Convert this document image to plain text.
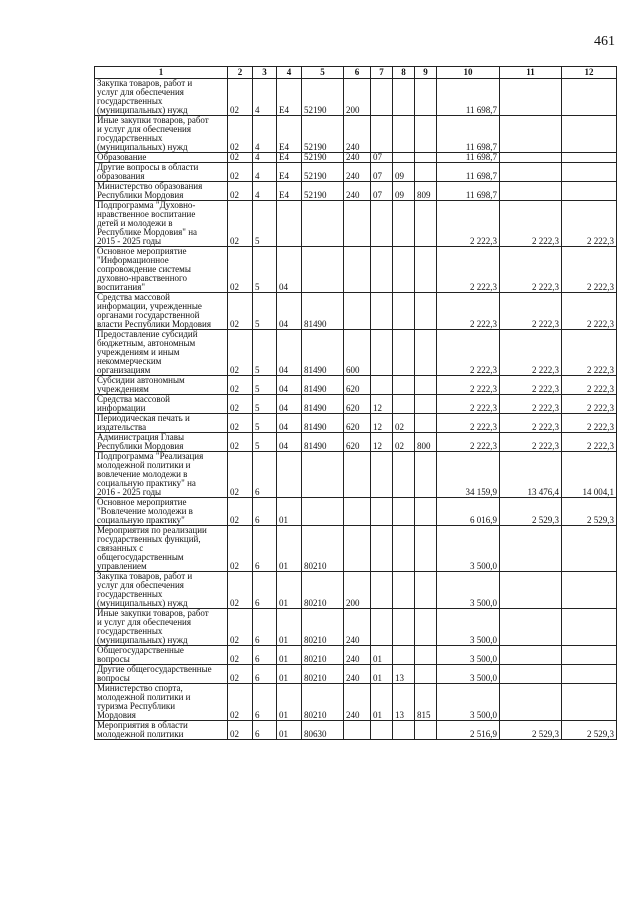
461
1	2	3	4	5	6	7	8	9	10	11	12
Закупка товаров, работ и
услуг для обеспечения
государственных
(муниципальных) нужд	02	4	Е4	52190	200				11 698,7		
Иные закупки товаров, работ
и услуг для обеспечения
государственных
(муниципальных) нужд	02	4	Е4	52190	240				11 698,7		
Образование	02	4	Е4	52190	240	07			11 698,7		
Другие вопросы в области
образования	02	4	Е4	52190	240	07	09		11 698,7		
Министерство образования
Республики Мордовия	02	4	Е4	52190	240	07	09	809	11 698,7		
Подпрограмма "Духовно-
нравственное воспитание
детей и молодежи в
Республике Мордовия" на
2015 - 2025 годы	02	5							2 222,3	2 222,3	2 222,3
Основное мероприятие
"Информационное
сопровождение системы
духовно-нравственного
воспитания"	02	5	04						2 222,3	2 222,3	2 222,3
Средства массовой
информации, учрежденные
органами государственной
власти Республики Мордовия	02	5	04	81490					2 222,3	2 222,3	2 222,3
Предоставление субсидий
бюджетным, автономным
учреждениям и иным
некоммерческим
организациям	02	5	04	81490	600				2 222,3	2 222,3	2 222,3
Субсидии автономным
учреждениям	02	5	04	81490	620				2 222,3	2 222,3	2 222,3
Средства массовой
информации	02	5	04	81490	620	12			2 222,3	2 222,3	2 222,3
Периодическая печать и
издательства	02	5	04	81490	620	12	02		2 222,3	2 222,3	2 222,3
Администрация Главы
Республики Мордовия	02	5	04	81490	620	12	02	800	2 222,3	2 222,3	2 222,3
Подпрограмма "Реализация
молодежной политики и
вовлечение молодежи в
социальную практику" на
2016 - 2025 годы	02	6							34 159,9	13 476,4	14 004,1
Основное мероприятие
"Вовлечение молодежи в
социальную практику"	02	6	01						6 016,9	2 529,3	2 529,3
Мероприятия по реализации
государственных функций,
связанных с
общегосударственным
управлением	02	6	01	80210					3 500,0		
Закупка товаров, работ и
услуг для обеспечения
государственных
(муниципальных) нужд	02	6	01	80210	200				3 500,0		
Иные закупки товаров, работ
и услуг для обеспечения
государственных
(муниципальных) нужд	02	6	01	80210	240				3 500,0		
Общегосударственные
вопросы	02	6	01	80210	240	01			3 500,0		
Другие общегосударственные
вопросы	02	6	01	80210	240	01	13		3 500,0		
Министерство спорта,
молодежной политики и
туризма Республики
Мордовия	02	6	01	80210	240	01	13	815	3 500,0		
Мероприятия в области
молодежной политики	02	6	01	80630					2 516,9	2 529,3	2 529,3
